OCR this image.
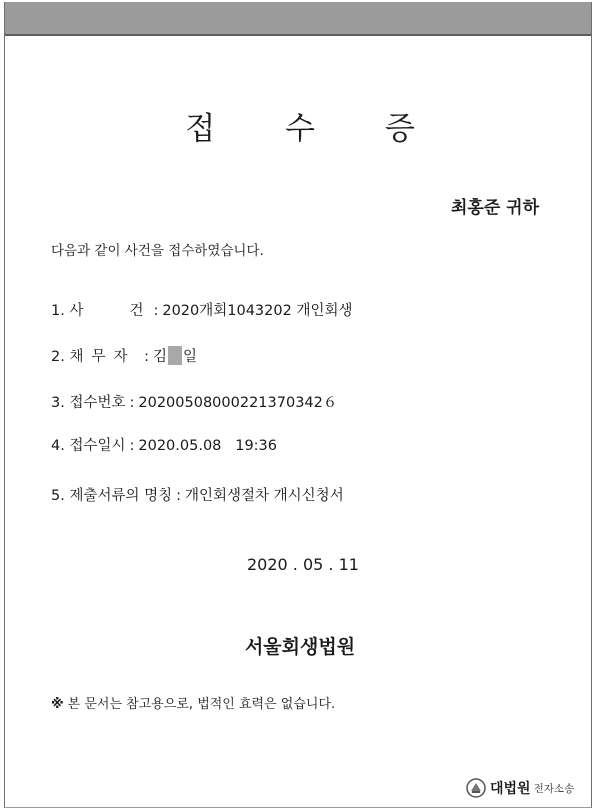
접 수 증
최홍준 귀하
다음과 같이 사건을 접수하였습니다.
1. 사	건 : 2020개회1043202 개인회생
2. 채 무 자 : 김 일
3. 접수번호 : 20200508000221370342６
4. 접수일시 : 2020.05.08   19:36
5. 제출서류의 명칭 : 개인회생절차 개시신청서
2020 . 05 . 11
서울회생법원
※ 본 문서는 참고용으로, 법적인 효력은 없습니다.
대법원 전자소송
